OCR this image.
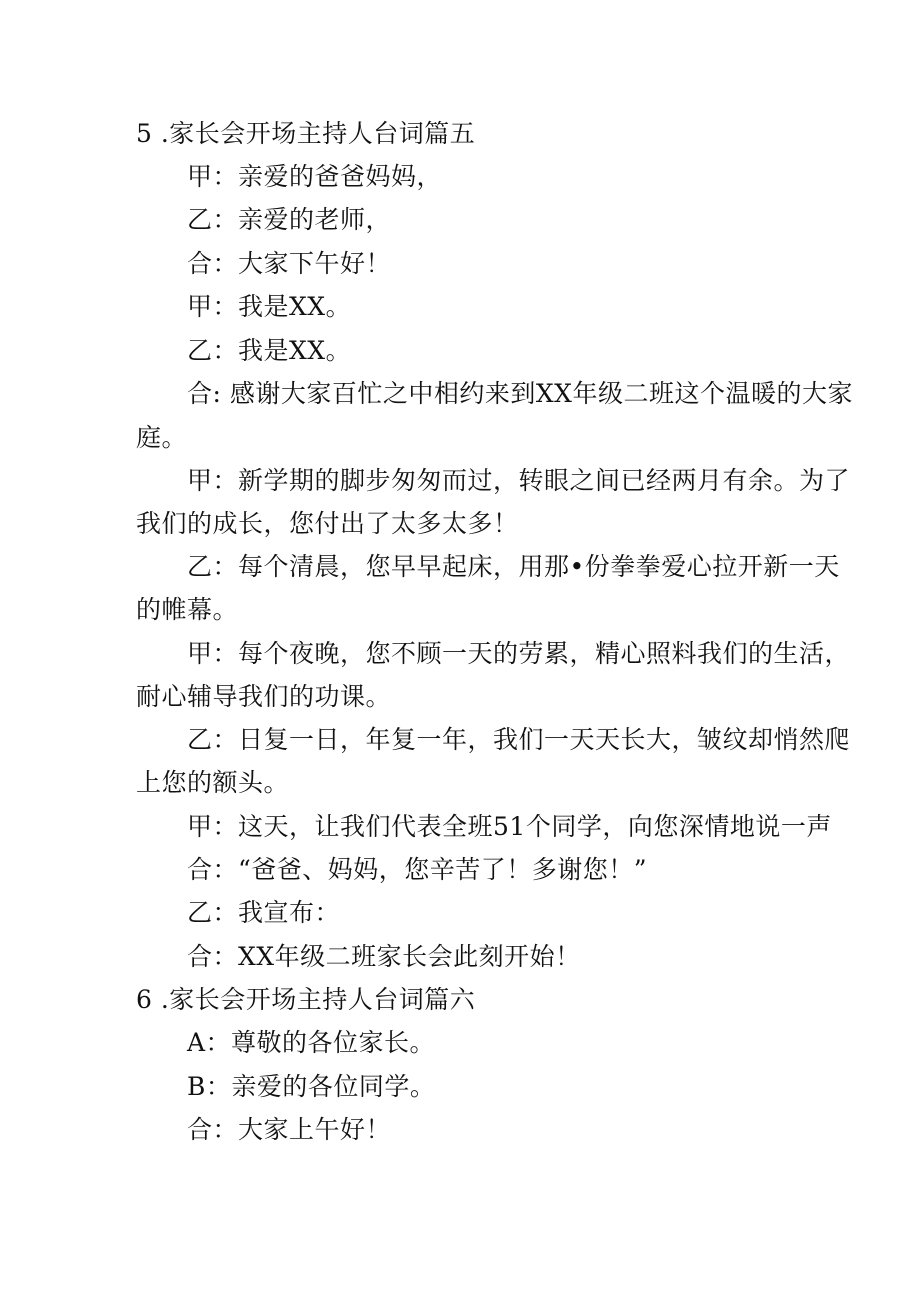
5 .家长会开场主持人台词篇五
甲：亲爱的爸爸妈妈，
乙：亲爱的老师，
合：大家下午好！
甲：我是XX。
乙：我是XX。
合: 感谢大家百忙之中相约来到XX年级二班这个温暖的大家
庭。
甲：新学期的脚步匆匆而过，转眼之间已经两月有余。为了
我们的成长，您付出了太多太多！
乙：每个清晨，您早早起床，用那•份拳拳爱心拉开新一天
的帷幕。
甲：每个夜晚，您不顾一天的劳累，精心照料我们的生活，
耐心辅导我们的功课。
乙：日复一日，年复一年，我们一天天长大，皱纹却悄然爬
上您的额头。
甲：这天，让我们代表全班51个同学，向您深情地说一声
合：“爸爸、妈妈，您辛苦了！多谢您！”
乙：我宣布：
合：XX年级二班家长会此刻开始！
6 .家长会开场主持人台词篇六
A：尊敬的各位家长。
B：亲爱的各位同学。
合：大家上午好！
